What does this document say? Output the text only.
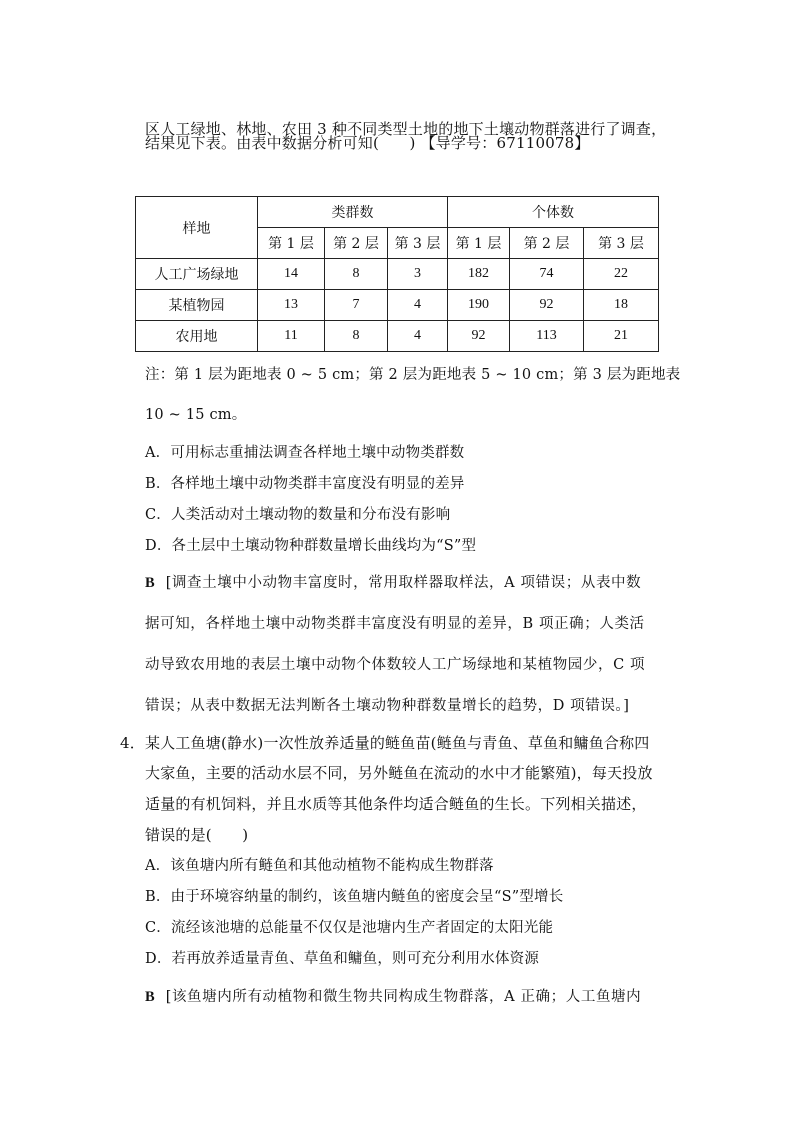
区人工绿地、林地、农田 3 种不同类型土地的地下土壤动物群落进行了调查，
结果见下表。由表中数据分析可知(　　) 【导学号：67110078】
样地	类群数			个体数		
	第 1 层	第 2 层	第 3 层	第 1 层	第 2 层	第 3 层
人工广场绿地	14	8	3	182	74	22
某植物园	13	7	4	190	92	18
农用地	11	8	4	92	113	21
注：第 1 层为距地表 0 ~ 5 cm；第 2 层为距地表 5 ~ 10 cm；第 3 层为距地表
10 ~ 15 cm。
A．可用标志重捕法调查各样地土壤中动物类群数
B．各样地土壤中动物类群丰富度没有明显的差异
C．人类活动对土壤动物的数量和分布没有影响
D．各土层中土壤动物种群数量增长曲线均为“S”型
B [调查土壤中小动物丰富度时，常用取样器取样法，A 项错误；从表中数
据可知，各样地土壤中动物类群丰富度没有明显的差异，B 项正确；人类活
动导致农用地的表层土壤中动物个体数较人工广场绿地和某植物园少，C 项
错误；从表中数据无法判断各土壤动物种群数量增长的趋势，D 项错误。]
4．某人工鱼塘(静水)一次性放养适量的鲢鱼苗(鲢鱼与青鱼、草鱼和鳙鱼合称四
大家鱼，主要的活动水层不同，另外鲢鱼在流动的水中才能繁殖)，每天投放
适量的有机饲料，并且水质等其他条件均适合鲢鱼的生长。下列相关描述，
错误的是(　　)
A．该鱼塘内所有鲢鱼和其他动植物不能构成生物群落
B．由于环境容纳量的制约，该鱼塘内鲢鱼的密度会呈“S”型增长
C．流经该池塘的总能量不仅仅是池塘内生产者固定的太阳光能
D．若再放养适量青鱼、草鱼和鳙鱼，则可充分利用水体资源
B [该鱼塘内所有动植物和微生物共同构成生物群落，A 正确；人工鱼塘内
